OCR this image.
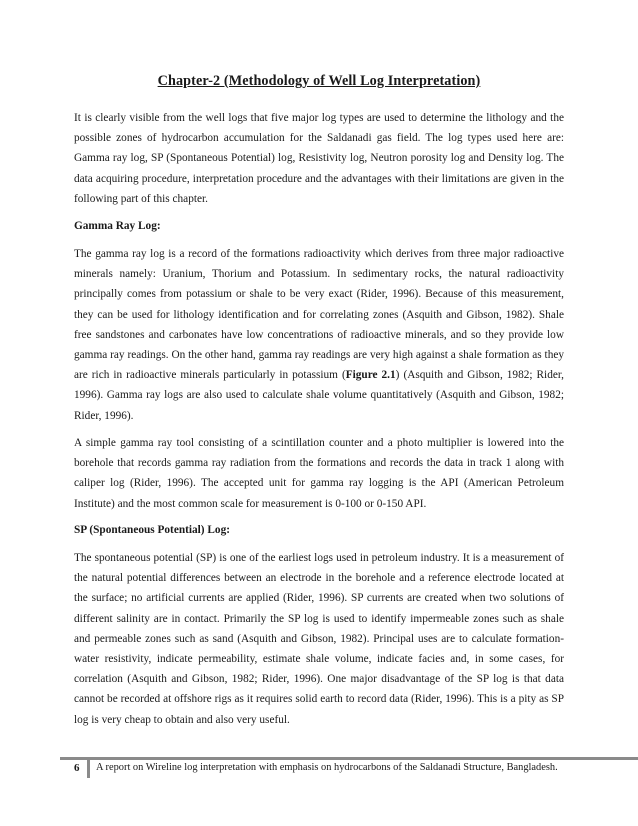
Chapter-2 (Methodology of Well Log Interpretation)

It is clearly visible from the well logs that five major log types are used to determine the lithology and the possible zones of hydrocarbon accumulation for the Saldanadi gas field. The log types used here are: Gamma ray log, SP (Spontaneous Potential) log, Resistivity log, Neutron porosity log and Density log. The data acquiring procedure, interpretation procedure and the advantages with their limitations are given in the following part of this chapter.

Gamma Ray Log:

The gamma ray log is a record of the formations radioactivity which derives from three major radioactive minerals namely: Uranium, Thorium and Potassium. In sedimentary rocks, the natural radioactivity principally comes from potassium or shale to be very exact (Rider, 1996). Because of this measurement, they can be used for lithology identification and for correlating zones (Asquith and Gibson, 1982). Shale free sandstones and carbonates have low concentrations of radioactive minerals, and so they provide low gamma ray readings. On the other hand, gamma ray readings are very high against a shale formation as they are rich in radioactive minerals particularly in potassium (Figure 2.1) (Asquith and Gibson, 1982; Rider, 1996). Gamma ray logs are also used to calculate shale volume quantitatively (Asquith and Gibson, 1982; Rider, 1996).

A simple gamma ray tool consisting of a scintillation counter and a photo multiplier is lowered into the borehole that records gamma ray radiation from the formations and records the data in track 1 along with caliper log (Rider, 1996). The accepted unit for gamma ray logging is the API (American Petroleum Institute) and the most common scale for measurement is 0-100 or 0-150 API.

SP (Spontaneous Potential) Log:

The spontaneous potential (SP) is one of the earliest logs used in petroleum industry. It is a measurement of the natural potential differences between an electrode in the borehole and a reference electrode located at the surface; no artificial currents are applied (Rider, 1996). SP currents are created when two solutions of different salinity are in contact. Primarily the SP log is used to identify impermeable zones such as shale and permeable zones such as sand (Asquith and Gibson, 1982). Principal uses are to calculate formation-water resistivity, indicate permeability, estimate shale volume, indicate facies and, in some cases, for correlation (Asquith and Gibson, 1982; Rider, 1996). One major disadvantage of the SP log is that data cannot be recorded at offshore rigs as it requires solid earth to record data (Rider, 1996). This is a pity as SP log is very cheap to obtain and also very useful.

6 A report on Wireline log interpretation with emphasis on hydrocarbons of the Saldanadi Structure, Bangladesh.
